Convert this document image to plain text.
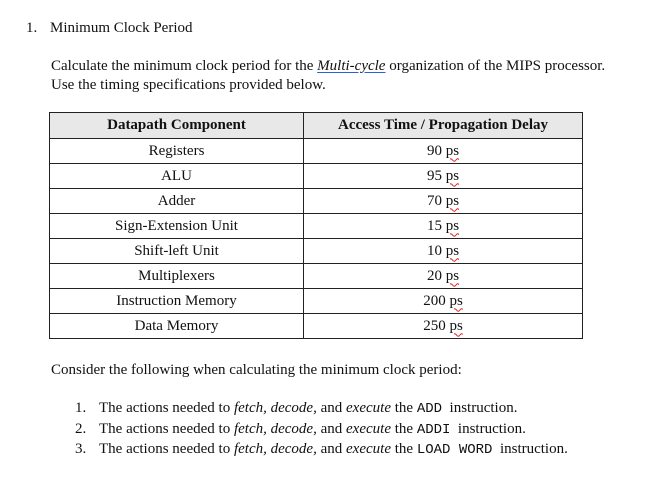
1. Minimum Clock Period
Calculate the minimum clock period for the Multi-cycle organization of the MIPS processor.
Use the timing specifications provided below.
Datapath Component	Access Time / Propagation Delay
Registers	90 ps
ALU	95 ps
Adder	70 ps
Sign-Extension Unit	15 ps
Shift-left Unit	10 ps
Multiplexers	20 ps
Instruction Memory	200 ps
Data Memory	250 ps
Consider the following when calculating the minimum clock period:
1. The actions needed to fetch, decode, and execute the ADD  instruction.
2. The actions needed to fetch, decode, and execute the ADDI  instruction.
3. The actions needed to fetch, decode, and execute the LOAD WORD  instruction.
